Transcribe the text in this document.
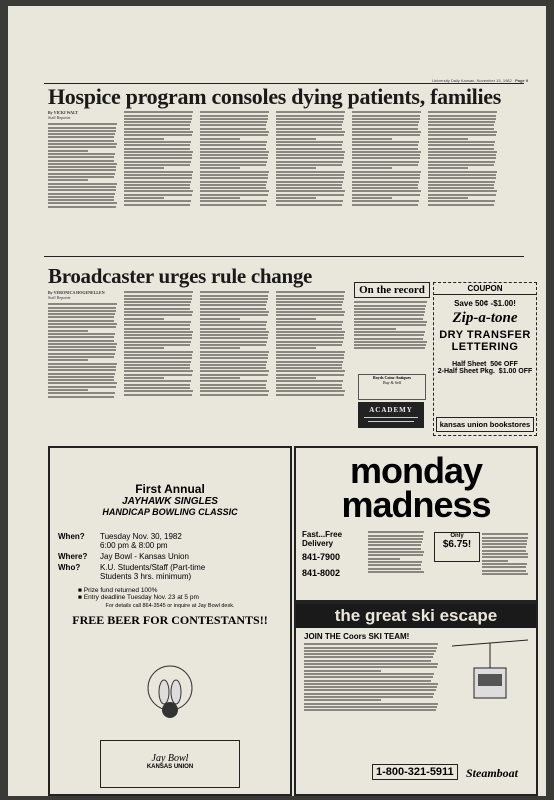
University Daily Kansan, November 15, 1982 Page 9
Hospice program consoles dying patients, families
By VICKI WALT
Staff Reporter
Broadcaster urges rule change
By VERONICA HOGENELLEN
Staff Reporter
On the record
Boyds Coins-Antiques
Buy & Sell
ACADEMY
COUPON
Save 50¢ -$1.00!
Zip-a-tone
DRY TRANSFER
LETTERING
Half Sheet  50¢ OFF
2-Half Sheet Pkg.  $1.00 OFF
kansas union bookstores
First Annual
JAYHAWK SINGLES
HANDICAP BOWLING CLASSIC
When?	Tuesday Nov. 30, 1982
6:00 pm & 8:00 pm
Where?	Jay Bowl - Kansas Union
Who?	K.U. Students/Staff (Part-time
Students 3 hrs. minimum)
■ Prize fund returned 100%
■ Entry deadline Tuesday Nov. 23 at 5 pm
For details call 864-3545 or inquire at Jay Bowl desk.
FREE BEER FOR CONTESTANTS!!
Jay Bowl
KANSAS UNION
monday
madness
Fast...Free
Delivery
841-7900
841-8002
Only
$6.75!
the great ski escape
JOIN THE Coors SKI TEAM!
1-800-321-5911	Steamboat
